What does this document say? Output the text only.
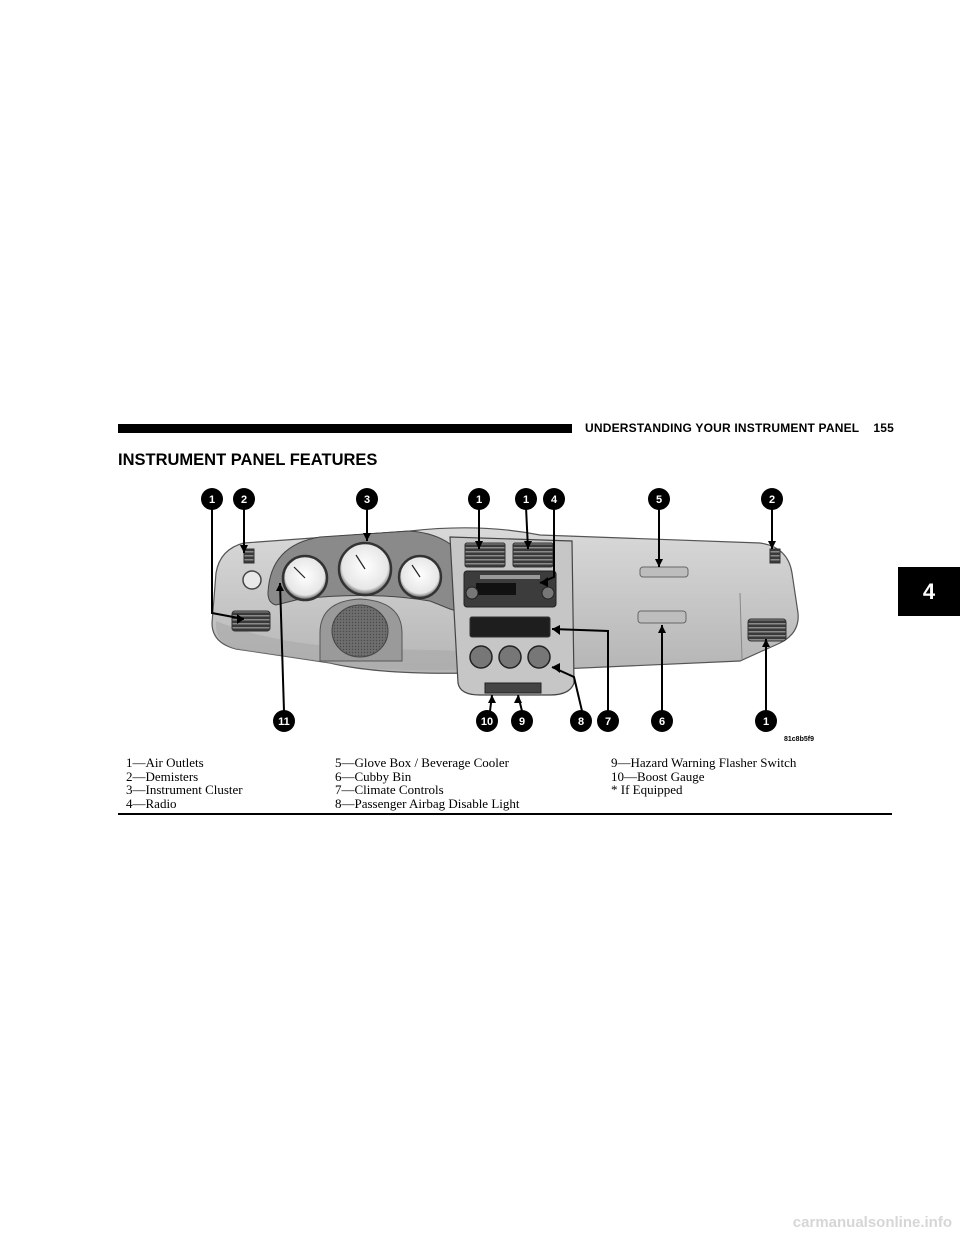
UNDERSTANDING YOUR INSTRUMENT PANEL 155
INSTRUMENT PANEL FEATURES
4
1 2	3	1	1 4	5	2
11	10 9	8 7	6	1
81c8b5f9
1—Air Outlets
2—Demisters
3—Instrument Cluster
4—Radio
5—Glove Box / Beverage Cooler
6—Cubby Bin
7—Climate Controls
8—Passenger Airbag Disable Light
9—Hazard Warning Flasher Switch
10—Boost Gauge
* If Equipped
carmanualsonline.info
